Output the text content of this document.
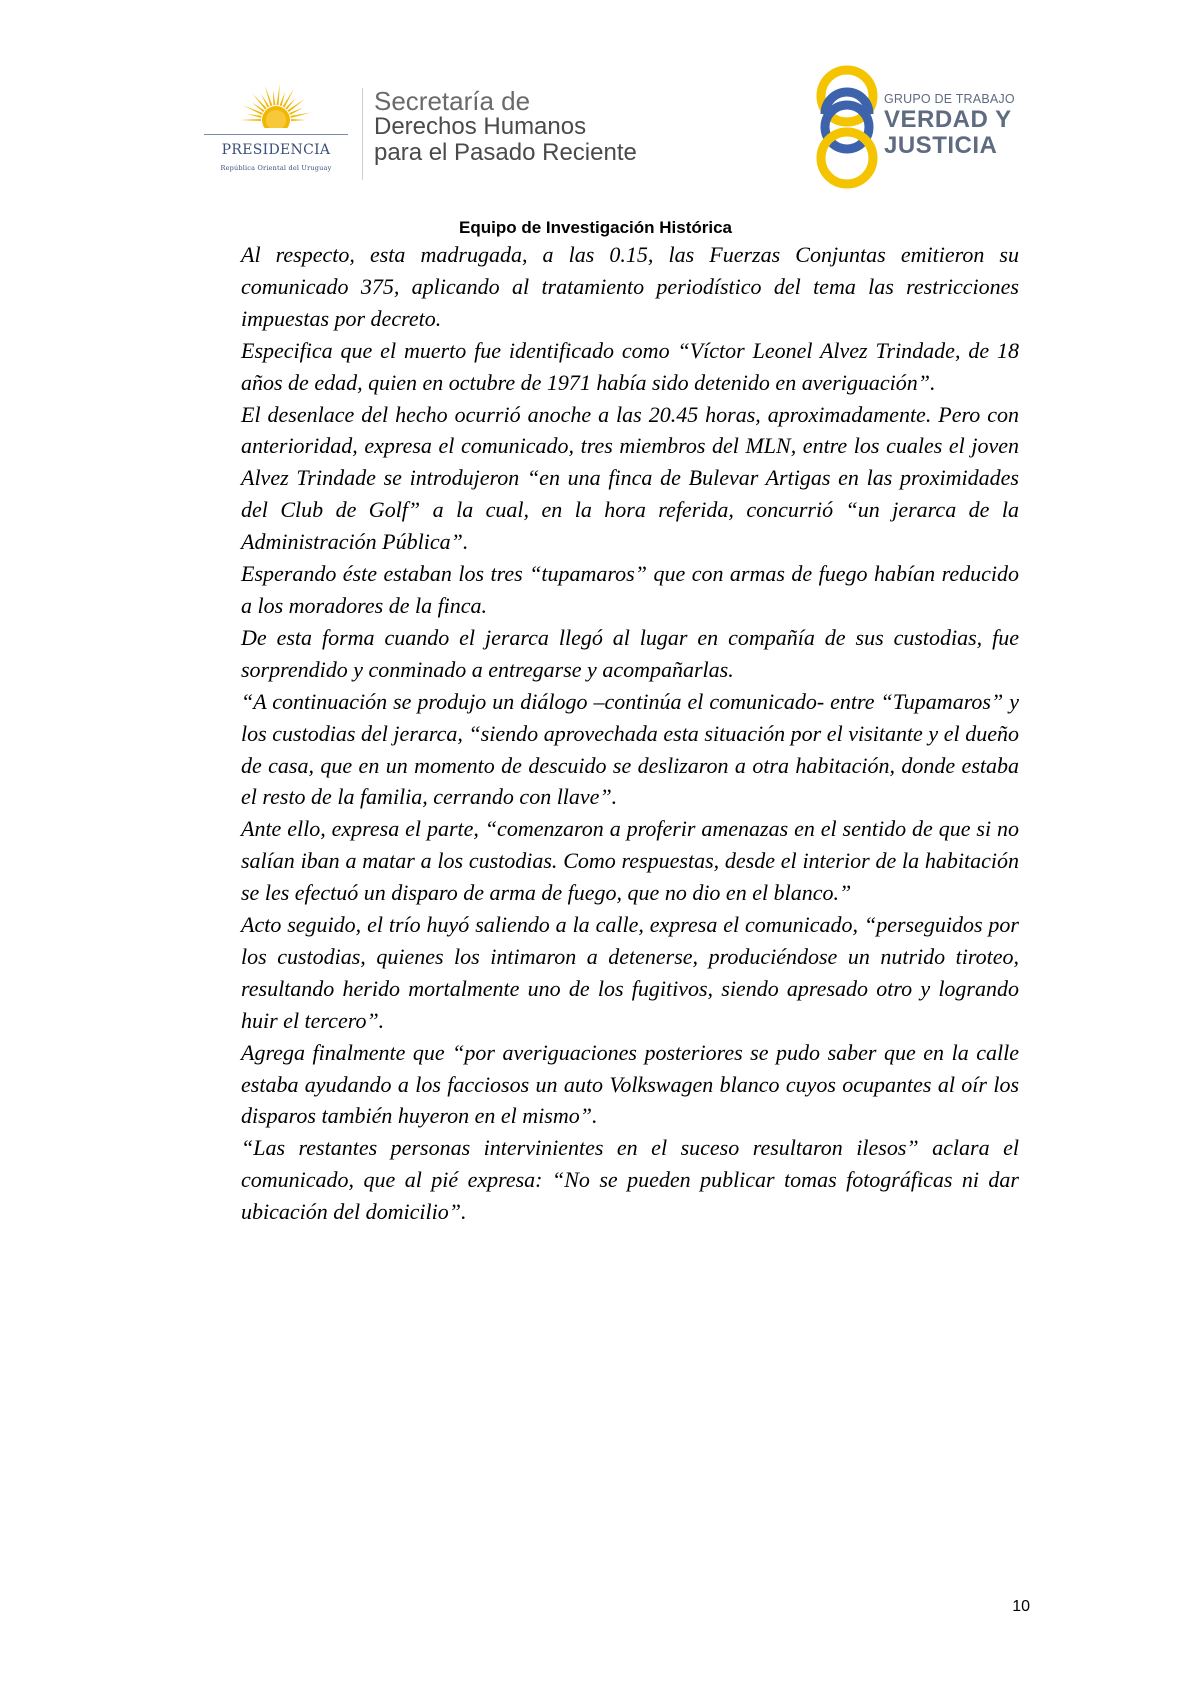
PRESIDENCIA
República Oriental del Uruguay
Secretaría de
Derechos Humanos
para el Pasado Reciente
GRUPO DE TRABAJO
VERDAD Y
JUSTICIA
Equipo de Investigación Histórica

Al respecto, esta madrugada, a las 0.15, las Fuerzas Conjuntas emitieron su comunicado 375, aplicando al tratamiento periodístico del tema las restricciones impuestas por decreto.

Especifica que el muerto fue identificado como “Víctor Leonel Alvez Trindade, de 18 años de edad, quien en octubre de 1971 había sido detenido en averiguación”.

El desenlace del hecho ocurrió anoche a las 20.45 horas, aproximadamente. Pero con anterioridad, expresa el comunicado, tres miembros del MLN, entre los cuales el joven Alvez Trindade se introdujeron “en una finca de Bulevar Artigas en las proximidades del Club de Golf” a la cual, en la hora referida, concurrió “un jerarca de la Administración Pública”.

Esperando éste estaban los tres “tupamaros” que con armas de fuego habían reducido a los moradores de la finca.

De esta forma cuando el jerarca llegó al lugar en compañía de sus custodias, fue sorprendido y conminado a entregarse y acompañarlas.

“A continuación se produjo un diálogo –continúa el comunicado- entre “Tupamaros” y los custodias del jerarca, “siendo aprovechada esta situación por el visitante y el dueño de casa, que en un momento de descuido se deslizaron a otra habitación, donde estaba el resto de la familia, cerrando con llave”.

Ante ello, expresa el parte, “comenzaron a proferir amenazas en el sentido de que si no salían iban a matar a los custodias. Como respuestas, desde el interior de la habitación se les efectuó un disparo de arma de fuego, que no dio en el blanco.”

Acto seguido, el trío huyó saliendo a la calle, expresa el comunicado, “perseguidos por los custodias, quienes los intimaron a detenerse, produciéndose un nutrido tiroteo, resultando herido mortalmente uno de los fugitivos, siendo apresado otro y logrando huir el tercero”.

Agrega finalmente que “por averiguaciones posteriores se pudo saber que en la calle estaba ayudando a los facciosos un auto Volkswagen blanco cuyos ocupantes al oír los disparos también huyeron en el mismo”.

“Las restantes personas intervinientes en el suceso resultaron ilesos” aclara el comunicado, que al pié expresa: “No se pueden publicar tomas fotográficas ni dar ubicación del domicilio”.

10
